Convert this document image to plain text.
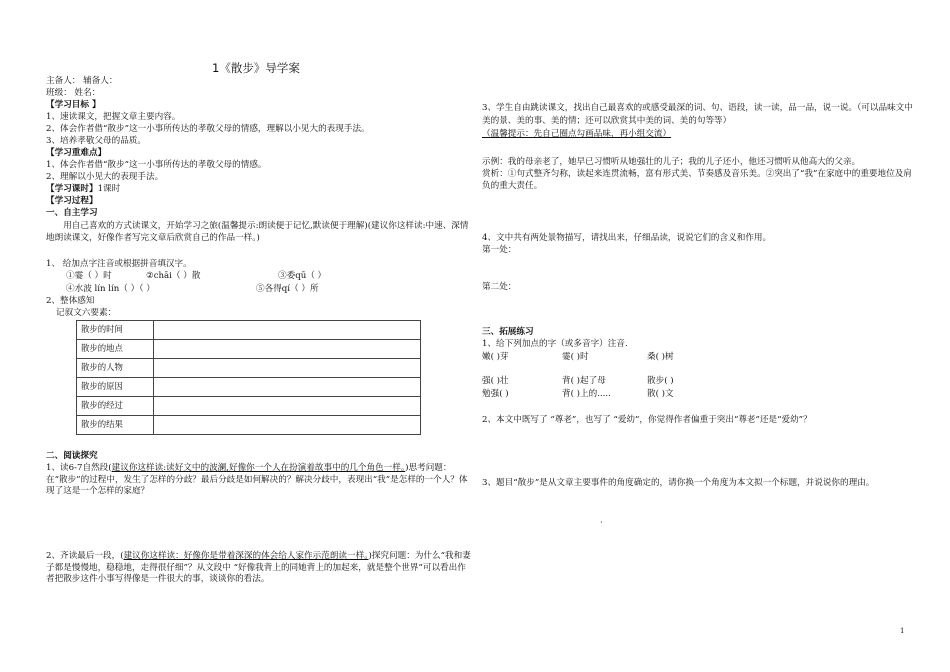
1《散步》导学案
主备人： 辅备人：
班级： 姓名：
【学习目标 】
1、速读课文，把握文章主要内容。
2、体会作者借“散步”这一小事所传达的孝敬父母的情感，理解以小见大的表现手法。
3、培养孝敬父母的品质。
【学习重难点】
1、体会作者借“散步”这一小事所传达的孝敬父母的情感。
2、理解以小见大的表现手法。
【学习课时】1课时
【学习过程】
一、自主学习
用自己喜欢的方式读课文，开始学习之旅(温馨提示:朗读便于记忆,默读便于理解)(建议你这样读:中速、深情地朗读课文，好像作者写完文章后欣赏自己的作品一样。)
1、 给加点字注音或根据拼音填汉字。
①霎（ ）时	②chāi（ ）散	③委qū（ ）
④水波 lín lín（ ）（ ）	⑤各得qí（ ）所
2、整体感知
记叙文六要素：
散步的时间	
散步的地点	
散步的人物	
散步的原因	
散步的经过	
散步的结果	
二、阅读探究
1、读6-7自然段(建议你这样读:读好文中的波澜,好像你一个人在扮演着故事中的几个角色一样。)思考问题：在“散步”的过程中，发生了怎样的分歧？最后分歧是如何解决的？解决分歧中，表现出“我”是怎样的一个人？体现了这是一个怎样的家庭？
2、齐读最后一段，(建议你这样读：好像你是带着深深的体会给人家作示范朗读一样。)探究问题：为什么“我和妻子都是慢慢地，稳稳地，走得很仔细”？从文段中 “好像我背上的同她背上的加起来，就是整个世界”可以看出作者把散步这件小事写得像是一件很大的事，谈谈你的看法。
3、学生自由跳读课文，找出自己最喜欢的或感受最深的词、句、语段，读一读，品一品，说一说。（可以品味文中美的景、美的事、美的情；还可以欣赏其中美的词、美的句等等）（温馨提示：先自己圈点勾画品味，再小组交流）
示例：我的母亲老了，她早已习惯听从她强壮的儿子；我的儿子还小，他还习惯听从他高大的父亲。
赏析：①句式整齐匀称，读起来连贯流畅，富有形式美、节奏感及音乐美。②突出了“我”在家庭中的重要地位及肩负的重大责任。
4、文中共有两处景物描写，请找出来，仔细品读，说说它们的含义和作用。
第一处：
第二处：
三、拓展练习
1、给下列加点的字（或多音字）注音.
嫩( )芽	霎( )时	桑( )树
强( )壮	背( )起了母	散步( )
勉强( )	背( )上的.....	散( )文
2、本文中既写了 “尊老”，也写了 “爱幼”，你觉得作者偏重于突出“尊老”还是“爱幼”？
3、题目“散步”是从文章主要事件的角度确定的，请你换一个角度为本文拟一个标题，并说说你的理由。
·
1
